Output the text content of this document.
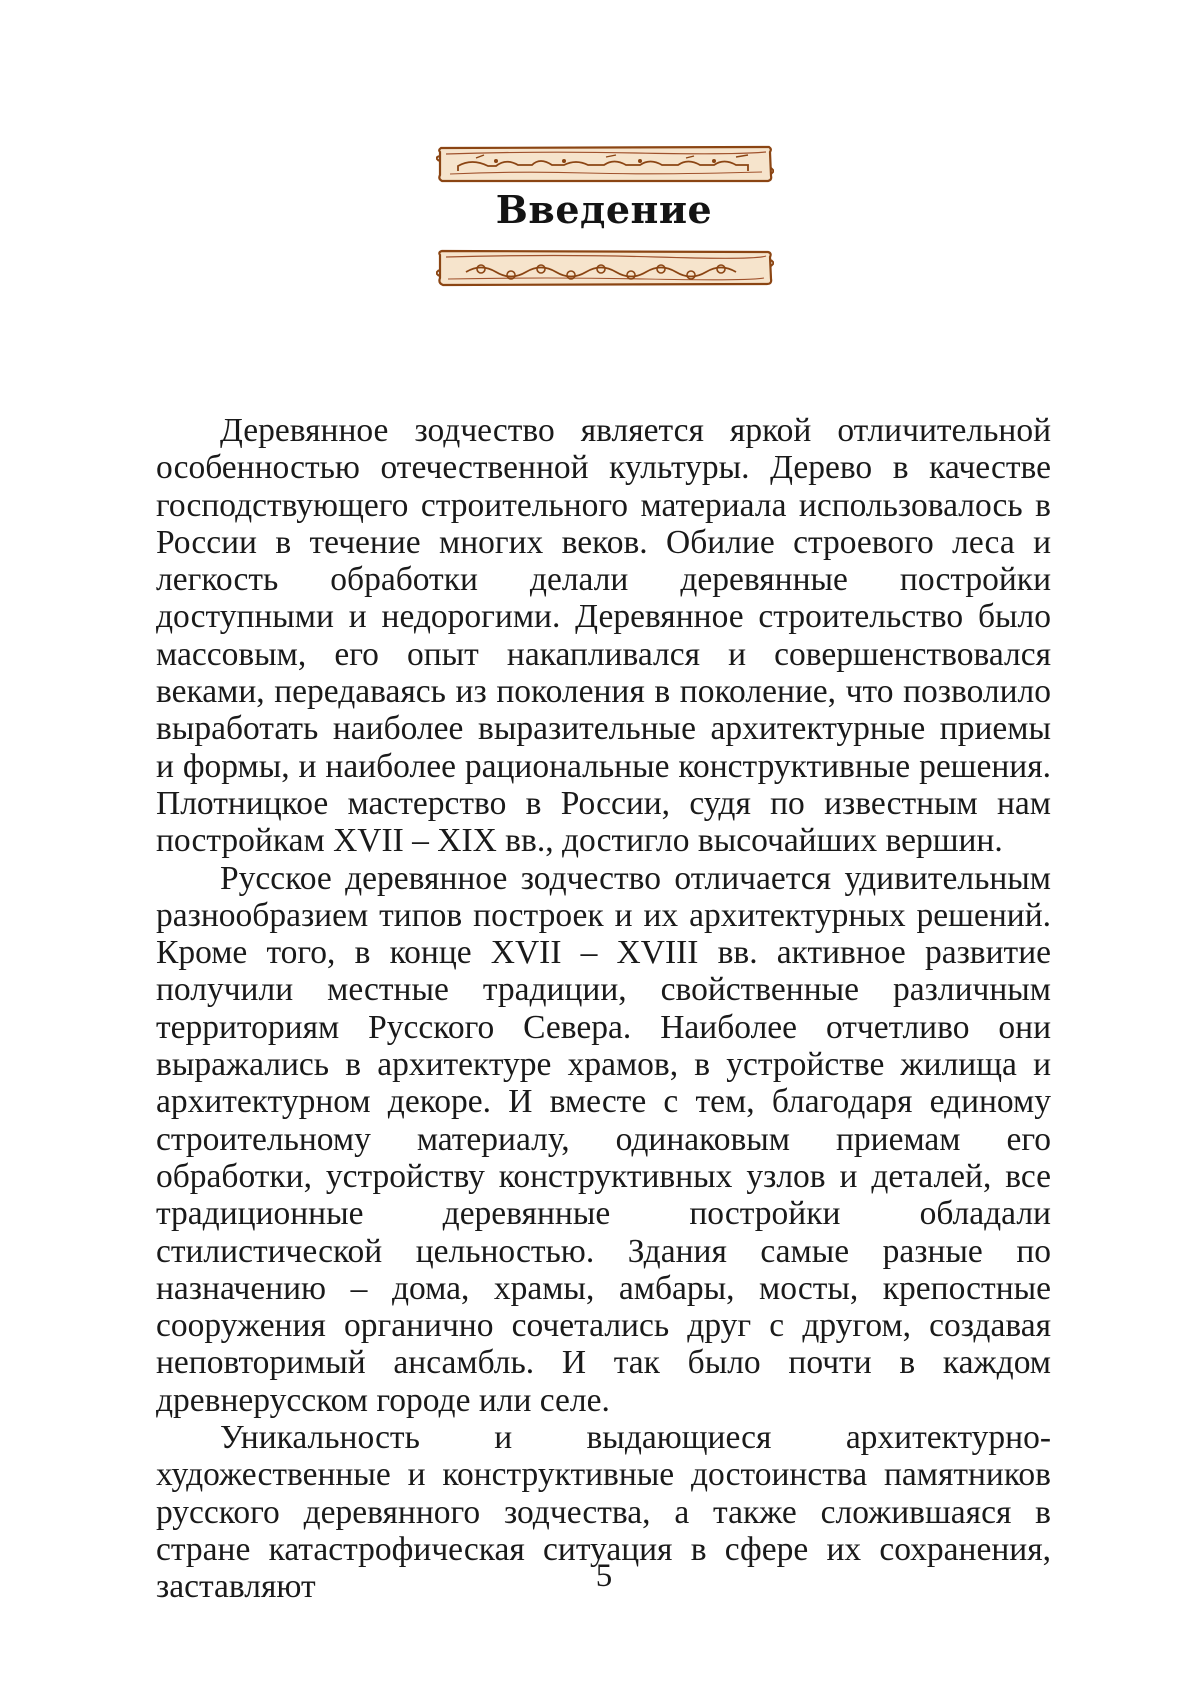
Введение

Деревянное зодчество является яркой отличительной особенностью отечественной культуры. Дерево в качестве господствующего строительного материала использовалось в России в течение многих веков. Обилие строевого леса и легкость обработки делали деревянные постройки доступными и недорогими. Деревянное строительство было массовым, его опыт накапливался и совершенствовался веками, передаваясь из поколения в поколение, что позволило выработать наиболее выразительные архитектурные приемы и формы, и наиболее рациональные конструктивные решения. Плотницкое мастерство в России, судя по известным нам постройкам XVII – XIX вв., достигло высочайших вершин.

Русское деревянное зодчество отличается удивительным разнообразием типов построек и их архитектурных решений. Кроме того, в конце XVII – XVIII вв. активное развитие получили местные традиции, свойственные различным территориям Русского Севера. Наиболее отчетливо они выражались в архитектуре храмов, в устройстве жилища и архитектурном декоре. И вместе с тем, благодаря единому строительному материалу, одинаковым приемам его обработки, устройству конструктивных узлов и деталей, все традиционные деревянные постройки обладали стилистической цельностью. Здания самые разные по назначению – дома, храмы, амбары, мосты, крепостные сооружения органично сочетались друг с другом, создавая неповторимый ансамбль. И так было почти в каждом древнерусском городе или селе.

Уникальность и выдающиеся архитектурно-художественные и конструктивные достоинства памятников русского деревянного зодчества, а также сложившаяся в стране катастрофическая ситуация в сфере их сохранения, заставляют	5
